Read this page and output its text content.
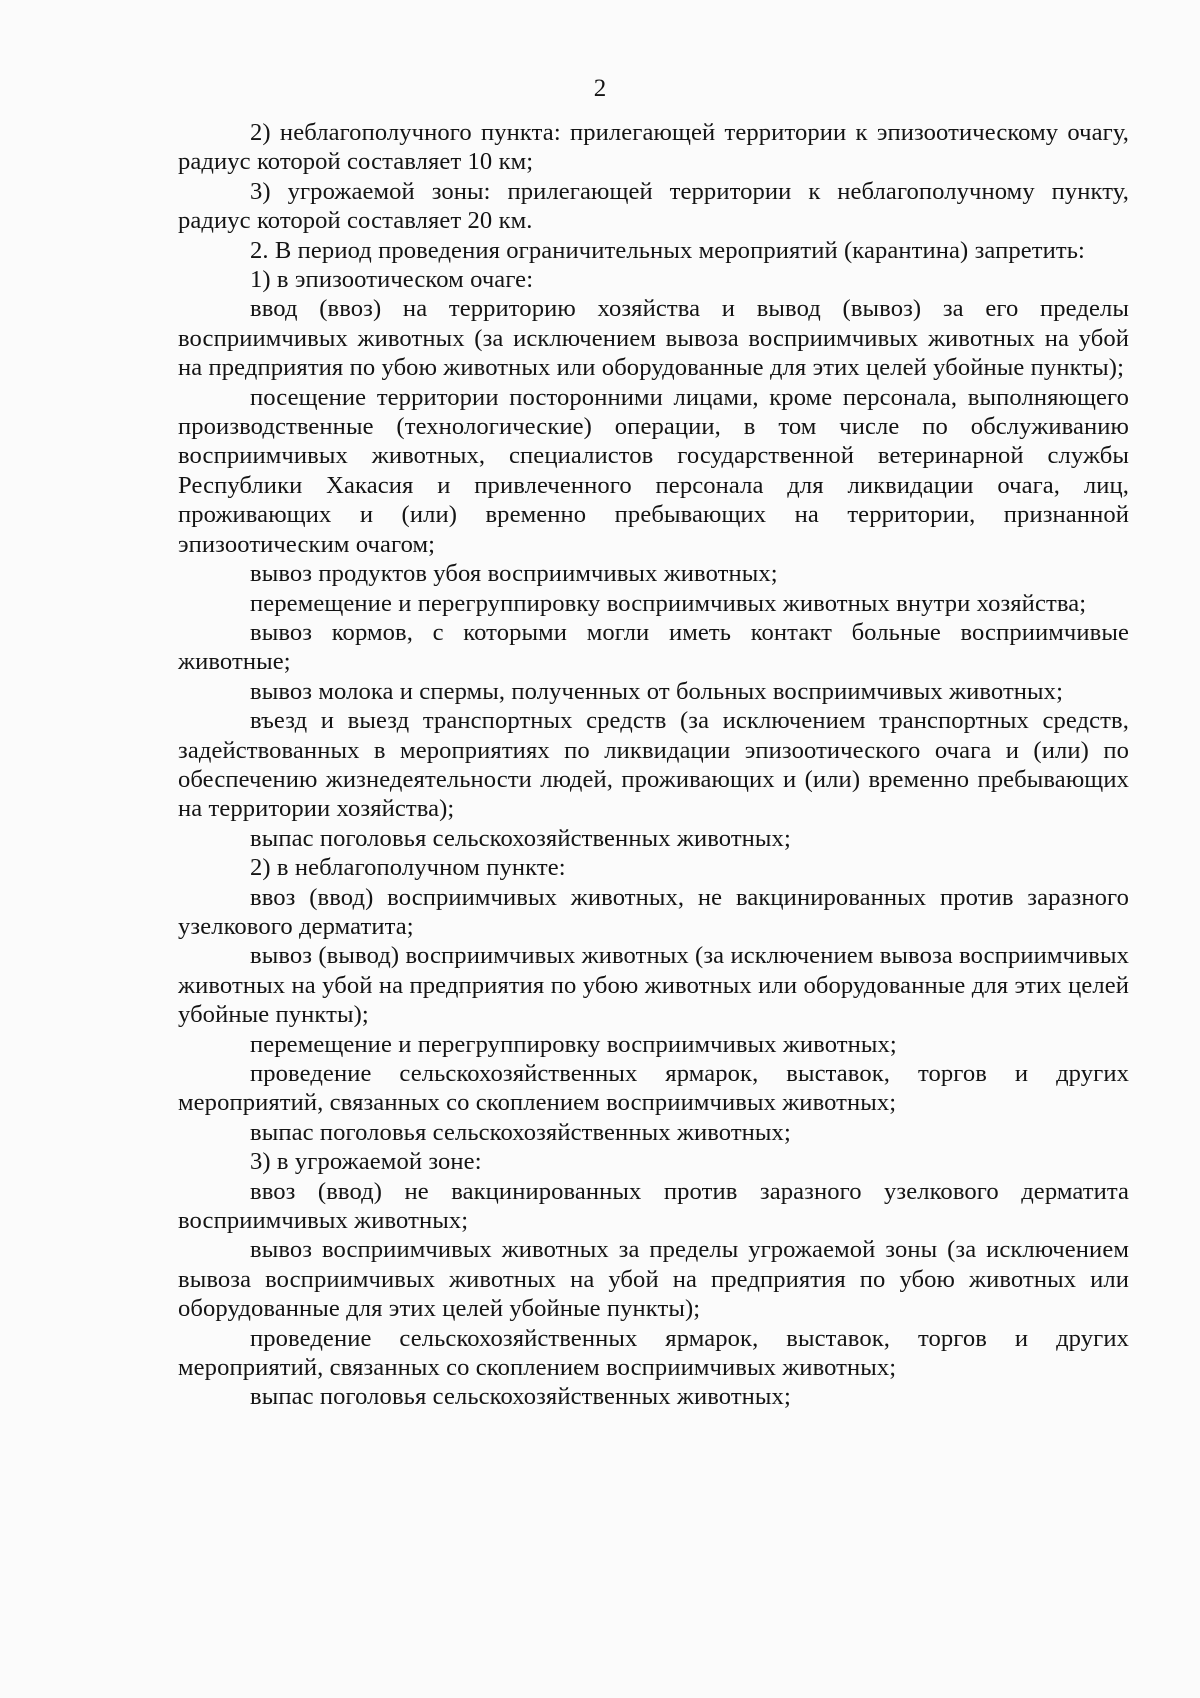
2

2) неблагополучного пункта: прилегающей территории к эпизоотическому очагу, радиус которой составляет 10 км;

3) угрожаемой зоны: прилегающей территории к неблагополучному пункту, радиус которой составляет 20 км.

2. В период проведения ограничительных мероприятий (карантина) запретить:

1) в эпизоотическом очаге:

ввод (ввоз) на территорию хозяйства и вывод (вывоз) за его пределы восприимчивых животных (за исключением вывоза восприимчивых животных на убой на предприятия по убою животных или оборудованные для этих целей убойные пункты);

посещение территории посторонними лицами, кроме персонала, выполняющего производственные (технологические) операции, в том числе по обслуживанию восприимчивых животных, специалистов государственной ветеринарной службы Республики Хакасия и привлеченного персонала для ликвидации очага, лиц, проживающих и (или) временно пребывающих на территории, признанной эпизоотическим очагом;

вывоз продуктов убоя восприимчивых животных;

перемещение и перегруппировку восприимчивых животных внутри хозяйства;

вывоз кормов, с которыми могли иметь контакт больные восприимчивые животные;

вывоз молока и спермы, полученных от больных восприимчивых животных;

въезд и выезд транспортных средств (за исключением транспортных средств, задействованных в мероприятиях по ликвидации эпизоотического очага и (или) по обеспечению жизнедеятельности людей, проживающих и (или) временно пребывающих на территории хозяйства);

выпас поголовья сельскохозяйственных животных;

2) в неблагополучном пункте:

ввоз (ввод) восприимчивых животных, не вакцинированных против заразного узелкового дерматита;

вывоз (вывод) восприимчивых животных (за исключением вывоза восприимчивых животных на убой на предприятия по убою животных или оборудованные для этих целей убойные пункты);

перемещение и перегруппировку восприимчивых животных;

проведение сельскохозяйственных ярмарок, выставок, торгов и других мероприятий, связанных со скоплением восприимчивых животных;

выпас поголовья сельскохозяйственных животных;

3) в угрожаемой зоне:

ввоз (ввод) не вакцинированных против заразного узелкового дерматита восприимчивых животных;

вывоз восприимчивых животных за пределы угрожаемой зоны (за исключением вывоза восприимчивых животных на убой на предприятия по убою животных или оборудованные для этих целей убойные пункты);

проведение сельскохозяйственных ярмарок, выставок, торгов и других мероприятий, связанных со скоплением восприимчивых животных;

выпас поголовья сельскохозяйственных животных;
